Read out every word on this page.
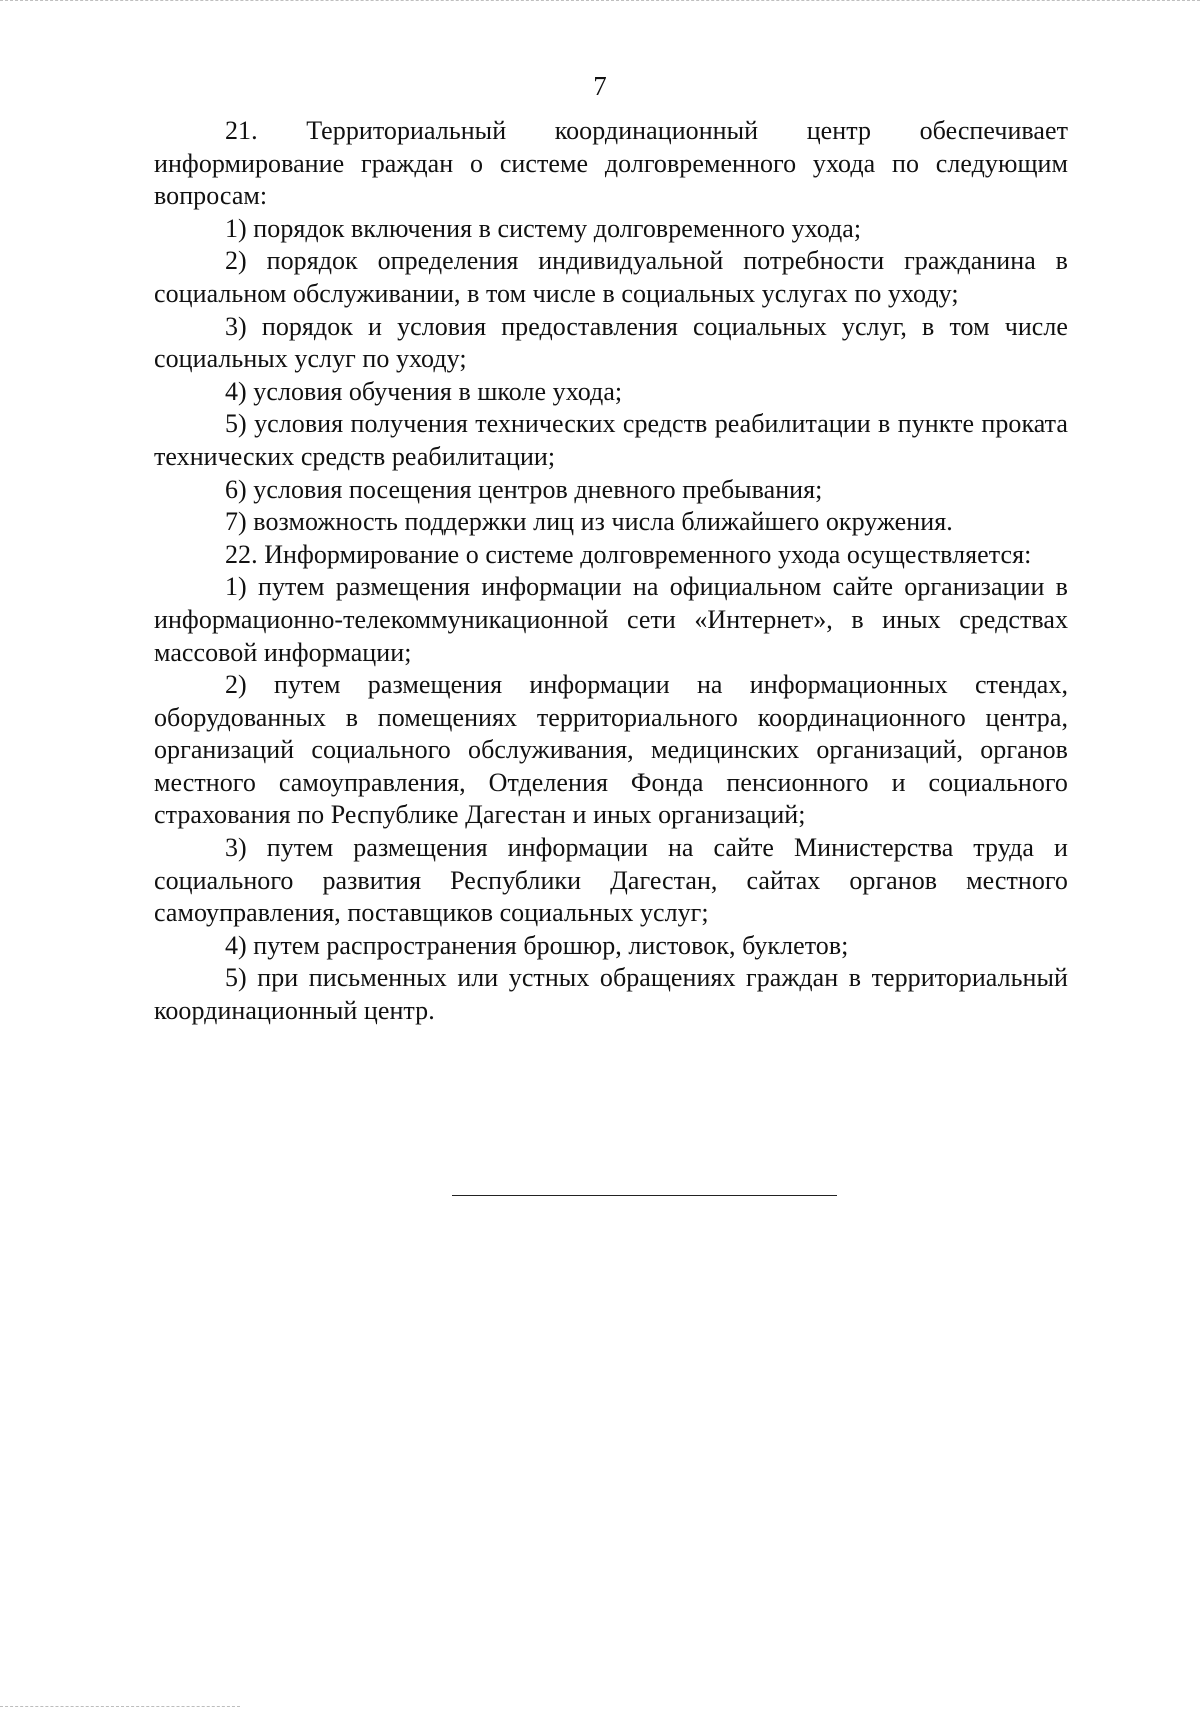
7

21. Территориальный координационный центр обеспечивает информирование граждан о системе долговременного ухода по следующим вопросам:

1) порядок включения в систему долговременного ухода;

2) порядок определения индивидуальной потребности гражданина в социальном обслуживании, в том числе в социальных услугах по уходу;

3) порядок и условия предоставления социальных услуг, в том числе социальных услуг по уходу;

4) условия обучения в школе ухода;

5) условия получения технических средств реабилитации в пункте проката технических средств реабилитации;

6) условия посещения центров дневного пребывания;

7) возможность поддержки лиц из числа ближайшего окружения.

22. Информирование о системе долговременного ухода осуществляется:

1) путем размещения информации на официальном сайте организации в информационно-телекоммуникационной сети «Интернет», в иных средствах массовой информации;

2) путем размещения информации на информационных стендах, оборудованных в помещениях территориального координационного центра, организаций социального обслуживания, медицинских организаций, органов местного самоуправления, Отделения Фонда пенсионного и социального страхования по Республике Дагестан и иных организаций;

3) путем размещения информации на сайте Министерства труда и социального развития Республики Дагестан, сайтах органов местного самоуправления, поставщиков социальных услуг;

4) путем распространения брошюр, листовок, буклетов;

5) при письменных или устных обращениях граждан в территориальный координационный центр.
